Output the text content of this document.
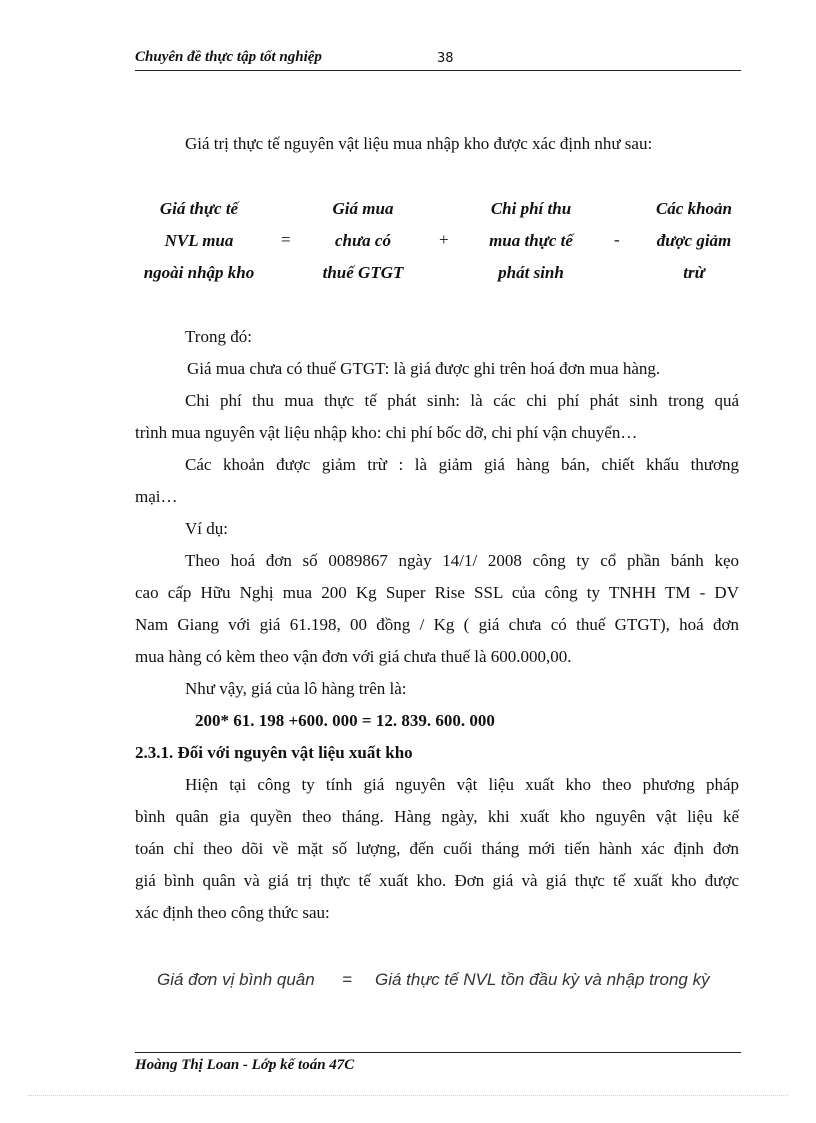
Chuyên đề thực tập tốt nghiệp	38
Giá trị thực tế nguyên vật liệu mua nhập kho được xác định như sau:
Giá thực tế
NVL mua
ngoài nhập kho
=
Giá mua
chưa có
thuế GTGT
+
Chi phí thu
mua thực tế
phát sinh
-
Các khoản
được giảm
trừ
Trong đó:
Giá mua chưa có thuế GTGT: là giá được ghi trên hoá đơn mua hàng.
Chi phí thu mua thực tế phát sinh: là các chi phí phát sinh trong quá
trình mua nguyên vật liệu nhập kho: chi phí bốc dỡ, chi phí vận chuyển…
Các khoản được giảm trừ : là giảm giá hàng bán, chiết khấu thương
mại…
Ví dụ:
Theo hoá đơn số 0089867 ngày 14/1/ 2008 công ty cổ phần bánh kẹo
cao cấp Hữu Nghị mua 200 Kg Super Rise SSL của công ty TNHH TM - DV
Nam Giang với giá 61.198, 00 đồng / Kg ( giá chưa có thuế GTGT), hoá đơn
mua hàng có kèm theo vận đơn với giá chưa thuế là 600.000,00.
Như vậy, giá của lô hàng trên là:
200* 61. 198 +600. 000 = 12. 839. 600. 000
2.3.1. Đối với nguyên vật liệu xuất kho
Hiện tại công ty tính giá nguyên vật liệu xuất kho theo phương pháp
bình quân gia quyền theo tháng. Hàng ngày, khi xuất kho nguyên vật liệu kế
toán chỉ theo dõi về mặt số lượng, đến cuối tháng mới tiến hành xác định đơn
giá bình quân và giá trị thực tế xuất kho. Đơn giá và giá thực tế xuất kho được
xác định theo công thức sau:
Giá đơn vị bình quân = Giá thực tế NVL tồn đầu kỳ và nhập trong kỳ
Hoàng Thị Loan - Lớp kế toán 47C
